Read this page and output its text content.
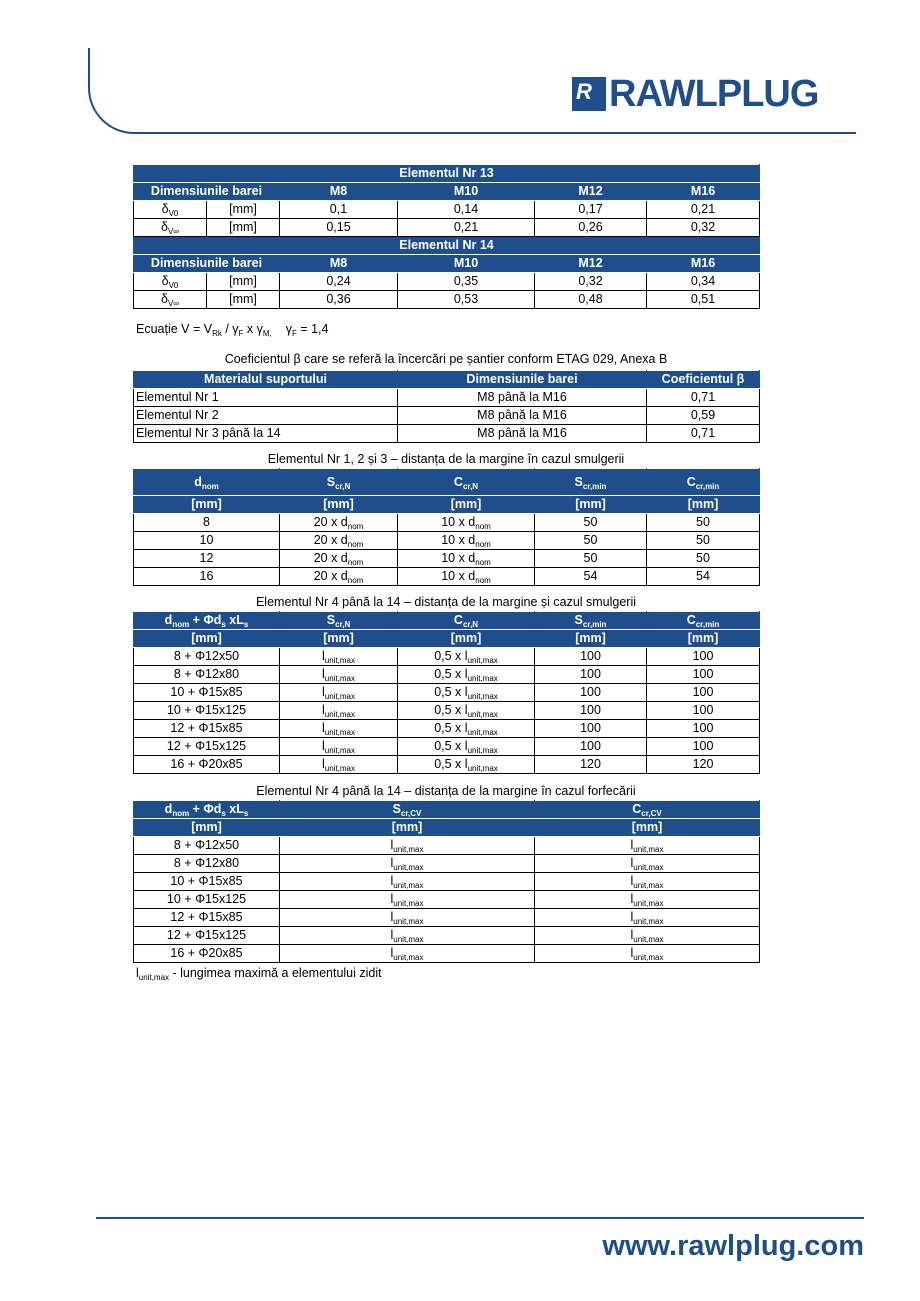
R RAWLPLUG
Elementul Nr 13					
Dimensiunile barei		M8	M10	M12	M16
$\delta_{V0}$	[mm]	0,1	0,14	0,17	0,21
$\delta_{V\infty}$	[mm]	0,15	0,21	0,26	0,32
Elementul Nr 14					
Dimensiunile barei		M8	M10	M12	M16
$\delta_{V0}$	[mm]	0,24	0,35	0,32	0,34
$\delta_{V\infty}$	[mm]	0,36	0,53	0,48	0,51
Ecuație $V = V_{Rk} / \gamma_F$ x $\gamma_{M,}$ $\gamma_F = 1,4$
Coeficientul β care se referă la încercări pe șantier conform ETAG 029, Anexa B
Materialul suportului	Dimensiunile barei	Coeficientul β
Elementul Nr 1	M8 până la M16	0,71
Elementul Nr 2	M8 până la M16	0,59
Elementul Nr 3 până la 14	M8 până la M16	0,71
Elementul Nr 1, 2 și 3 – distanța de la margine în cazul smulgerii
$d_{nom}$	$S_{cr,N}$	$C_{cr,N}$	$S_{cr,min}$	$C_{cr,min}$
[mm]	[mm]	[mm]	[mm]	[mm]
8	20 x $d_{nom}$	10 x $d_{nom}$	50	50
10	20 x $d_{nom}$	10 x $d_{nom}$	50	50
12	20 x $d_{nom}$	10 x $d_{nom}$	50	50
16	20 x $d_{nom}$	10 x $d_{nom}$	54	54
Elementul Nr 4 până la 14 – distanța de la margine și cazul smulgerii
$d_{nom} + \Phi d_s$ $xL_s$	$S_{cr,N}$	$C_{cr,N}$	$S_{cr,min}$	$C_{cr,min}$
[mm]	[mm]	[mm]	[mm]	[mm]
8 + Φ12x50	$l_{unit,max}$	0,5 x $l_{unit,max}$	100	100
8 + Φ12x80	$l_{unit,max}$	0,5 x $l_{unit,max}$	100	100
10 + Φ15x85	$l_{unit,max}$	0,5 x $l_{unit,max}$	100	100
10 + Φ15x125	$l_{unit,max}$	0,5 x $l_{unit,max}$	100	100
12 + Φ15x85	$l_{unit,max}$	0,5 x $l_{unit,max}$	100	100
12 + Φ15x125	$l_{unit,max}$	0,5 x $l_{unit,max}$	100	100
16 + Φ20x85	$l_{unit,max}$	0,5 x $l_{unit,max}$	120	120
Elementul Nr 4 până la 14 – distanța de la margine în cazul forfecării
$d_{nom} + \Phi d_s$ $xL_s$	$S_{cr,CV}$	$C_{cr,CV}$
[mm]	[mm]	[mm]
8 + Φ12x50	$l_{unit,max}$	$l_{unit,max}$
8 + Φ12x80	$l_{unit,max}$	$l_{unit,max}$
10 + Φ15x85	$l_{unit,max}$	$l_{unit,max}$
10 + Φ15x125	$l_{unit,max}$	$l_{unit,max}$
12 + Φ15x85	$l_{unit,max}$	$l_{unit,max}$
12 + Φ15x125	$l_{unit,max}$	$l_{unit,max}$
16 + Φ20x85	$l_{unit,max}$	$l_{unit,max}$
$l_{unit,max}$ - lungimea maximă a elementului zidit
www.rawlplug.com
